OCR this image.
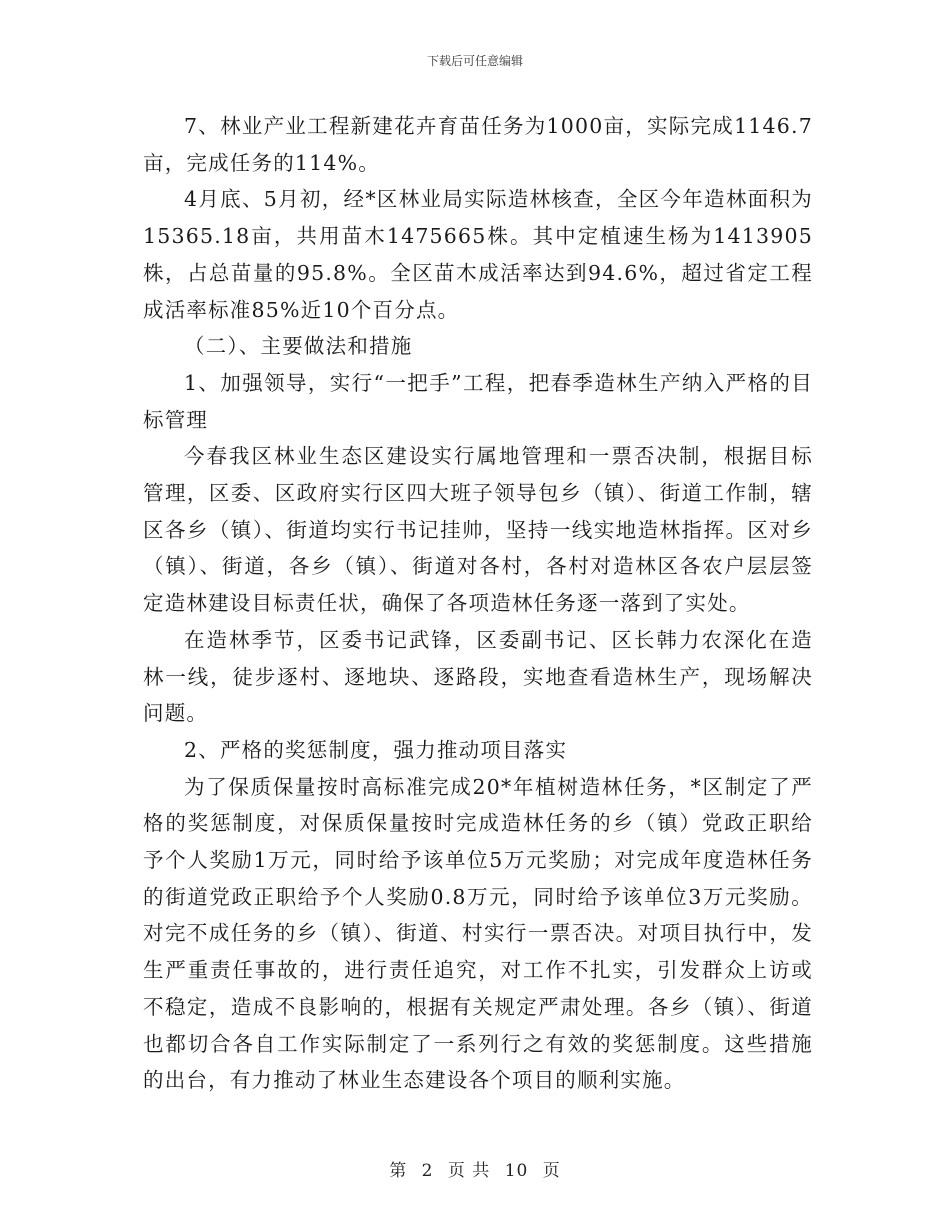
下载后可任意编辑

7、林业产业工程新建花卉育苗任务为1000亩，实际完成1146.7亩，完成任务的114%。

4月底、5月初，经*区林业局实际造林核查，全区今年造林面积为15365.18亩，共用苗木1475665株。其中定植速生杨为1413905株，占总苗量的95.8%。全区苗木成活率达到94.6%，超过省定工程成活率标准85%近10个百分点。

（二）、主要做法和措施

1、加强领导，实行“一把手”工程，把春季造林生产纳入严格的目标管理

今春我区林业生态区建设实行属地管理和一票否决制，根据目标管理，区委、区政府实行区四大班子领导包乡（镇）、街道工作制，辖区各乡（镇）、街道均实行书记挂帅，坚持一线实地造林指挥。区对乡（镇）、街道，各乡（镇）、街道对各村，各村对造林区各农户层层签定造林建设目标责任状，确保了各项造林任务逐一落到了实处。

在造林季节，区委书记武锋，区委副书记、区长韩力农深化在造林一线，徒步逐村、逐地块、逐路段，实地查看造林生产，现场解决问题。

2、严格的奖惩制度，强力推动项目落实

为了保质保量按时高标准完成20*年植树造林任务，*区制定了严格的奖惩制度，对保质保量按时完成造林任务的乡（镇）党政正职给予个人奖励1万元，同时给予该单位5万元奖励；对完成年度造林任务的街道党政正职给予个人奖励0.8万元，同时给予该单位3万元奖励。对完不成任务的乡（镇）、街道、村实行一票否决。对项目执行中，发生严重责任事故的，进行责任追究，对工作不扎实，引发群众上访或不稳定，造成不良影响的，根据有关规定严肃处理。各乡（镇）、街道也都切合各自工作实际制定了一系列行之有效的奖惩制度。这些措施的出台，有力推动了林业生态建设各个项目的顺利实施。

第 2 页 共 10 页
